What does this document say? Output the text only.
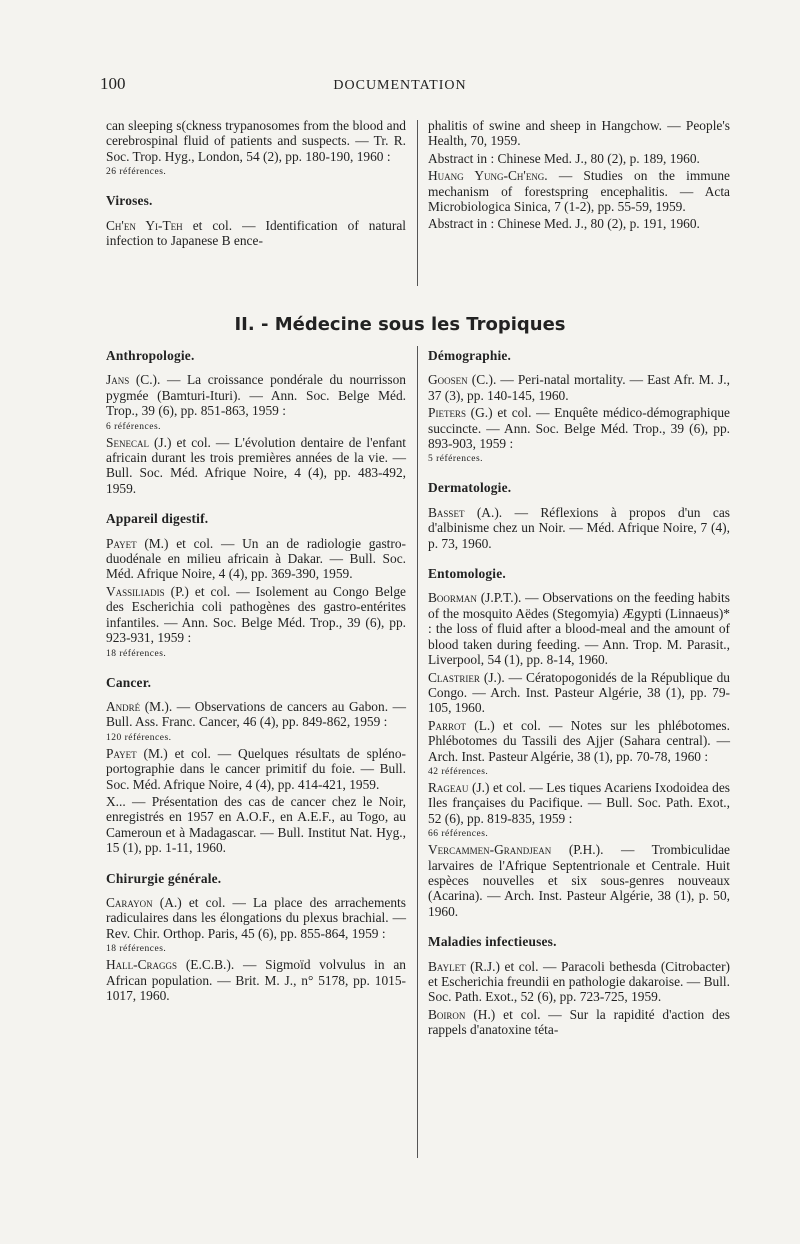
100	DOCUMENTATION

can sleeping s(ckness trypanosomes from the blood and cerebrospinal fluid of patients and suspects. — Tr. R. Soc. Trop. Hyg., London, 54 (2), pp. 180-190, 1960 :

26 références.

Viroses.

Ch'en Yi-Teh et col. — Identification of natural infection to Japanese B ence-

phalitis of swine and sheep in Hangchow. — People's Health, 70, 1959.

Abstract in : Chinese Med. J., 80 (2), p. 189, 1960.

Huang Yung-Ch'eng. — Studies on the immune mechanism of forestspring encephalitis. — Acta Microbiologica Sinica, 7 (1-2), pp. 55-59, 1959.

Abstract in : Chinese Med. J., 80 (2), p. 191, 1960.

II. - Médecine sous les Tropiques
Anthropologie.

Jans (C.). — La croissance pondérale du nourrisson pygmée (Bamturi-Ituri). — Ann. Soc. Belge Méd. Trop., 39 (6), pp. 851-863, 1959 :

6 références.

Senecal (J.) et col. — L'évolution dentaire de l'enfant africain durant les trois premières années de la vie. — Bull. Soc. Méd. Afrique Noire, 4 (4), pp. 483-492, 1959.

Appareil digestif.

Payet (M.) et col. — Un an de radiologie gastro-duodénale en milieu africain à Dakar. — Bull. Soc. Méd. Afrique Noire, 4 (4), pp. 369-390, 1959.

Vassiliadis (P.) et col. — Isolement au Congo Belge des Escherichia coli pathogènes des gastro-entérites infantiles. — Ann. Soc. Belge Méd. Trop., 39 (6), pp. 923-931, 1959 :

18 références.

Cancer.

André (M.). — Observations de cancers au Gabon. — Bull. Ass. Franc. Cancer, 46 (4), pp. 849-862, 1959 :

120 références.

Payet (M.) et col. — Quelques résultats de spléno-portographie dans le cancer primitif du foie. — Bull. Soc. Méd. Afrique Noire, 4 (4), pp. 414-421, 1959.

X... — Présentation des cas de cancer chez le Noir, enregistrés en 1957 en A.O.F., en A.E.F., au Togo, au Cameroun et à Madagascar. — Bull. Institut Nat. Hyg., 15 (1), pp. 1-11, 1960.

Chirurgie générale.

Carayon (A.) et col. — La place des arrachements radiculaires dans les élongations du plexus brachial. — Rev. Chir. Orthop. Paris, 45 (6), pp. 855-864, 1959 :

18 références.

Hall-Craggs (E.C.B.). — Sigmoïd volvulus in an African population. — Brit. M. J., n° 5178, pp. 1015-1017, 1960.

Démographie.

Goosen (C.). — Peri-natal mortality. — East Afr. M. J., 37 (3), pp. 140-145, 1960.

Pieters (G.) et col. — Enquête médico-démographique succincte. — Ann. Soc. Belge Méd. Trop., 39 (6), pp. 893-903, 1959 :

5 références.

Dermatologie.

Basset (A.). — Réflexions à propos d'un cas d'albinisme chez un Noir. — Méd. Afrique Noire, 7 (4), p. 73, 1960.

Entomologie.

Boorman (J.P.T.). — Observations on the feeding habits of the mosquito Aëdes (Stegomyia) Ægypti (Linnaeus)* : the loss of fluid after a blood-meal and the amount of blood taken during feeding. — Ann. Trop. M. Parasit., Liverpool, 54 (1), pp. 8-14, 1960.

Clastrier (J.). — Cératopogonidés de la République du Congo. — Arch. Inst. Pasteur Algérie, 38 (1), pp. 79-105, 1960.

Parrot (L.) et col. — Notes sur les phlébotomes. Phlébotomes du Tassili des Ajjer (Sahara central). — Arch. Inst. Pasteur Algérie, 38 (1), pp. 70-78, 1960 :

42 références.

Rageau (J.) et col. — Les tiques Acariens Ixodoidea des Iles françaises du Pacifique. — Bull. Soc. Path. Exot., 52 (6), pp. 819-835, 1959 :

66 références.

Vercammen-Grandjean (P.H.). — Trombiculidae larvaires de l'Afrique Septentrionale et Centrale. Huit espèces nouvelles et six sous-genres nouveaux (Acarina). — Arch. Inst. Pasteur Algérie, 38 (1), p. 50, 1960.

Maladies infectieuses.

Baylet (R.J.) et col. — Paracoli bethesda (Citrobacter) et Escherichia freundii en pathologie dakaroise. — Bull. Soc. Path. Exot., 52 (6), pp. 723-725, 1959.

Boiron (H.) et col. — Sur la rapidité d'action des rappels d'anatoxine téta-
